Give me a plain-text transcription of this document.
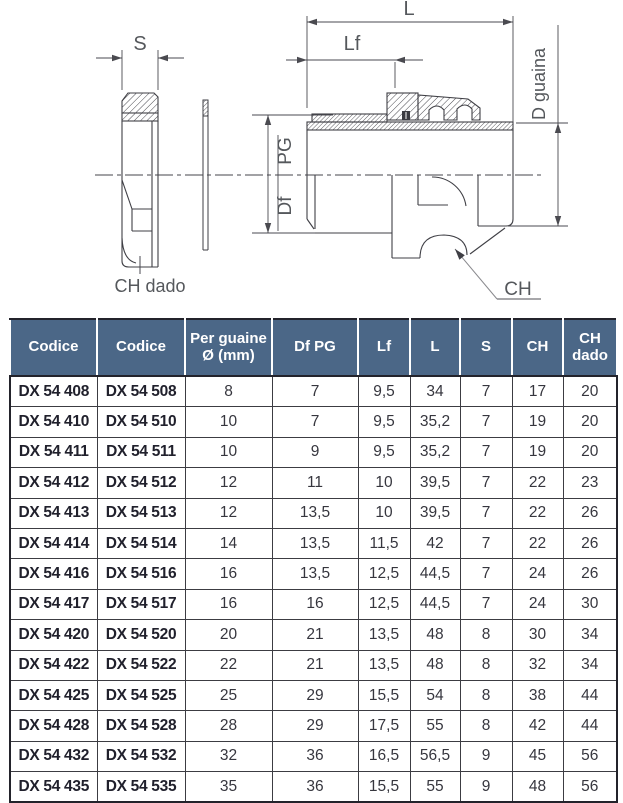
S
CH dado
PG
Df
L
Lf
D guaina
CH
Codice	Codice	Per guaine Ø (mm)	Df PG	Lf	L	S	CH	CH dado
DX 54 408	DX 54 508	8	7	9,5	34	7	17	20
DX 54 410	DX 54 510	10	7	9,5	35,2	7	19	20
DX 54 411	DX 54 511	10	9	9,5	35,2	7	19	20
DX 54 412	DX 54 512	12	11	10	39,5	7	22	23
DX 54 413	DX 54 513	12	13,5	10	39,5	7	22	26
DX 54 414	DX 54 514	14	13,5	11,5	42	7	22	26
DX 54 416	DX 54 516	16	13,5	12,5	44,5	7	24	26
DX 54 417	DX 54 517	16	16	12,5	44,5	7	24	30
DX 54 420	DX 54 520	20	21	13,5	48	8	30	34
DX 54 422	DX 54 522	22	21	13,5	48	8	32	34
DX 54 425	DX 54 525	25	29	15,5	54	8	38	44
DX 54 428	DX 54 528	28	29	17,5	55	8	42	44
DX 54 432	DX 54 532	32	36	16,5	56,5	9	45	56
DX 54 435	DX 54 535	35	36	15,5	55	9	48	56
